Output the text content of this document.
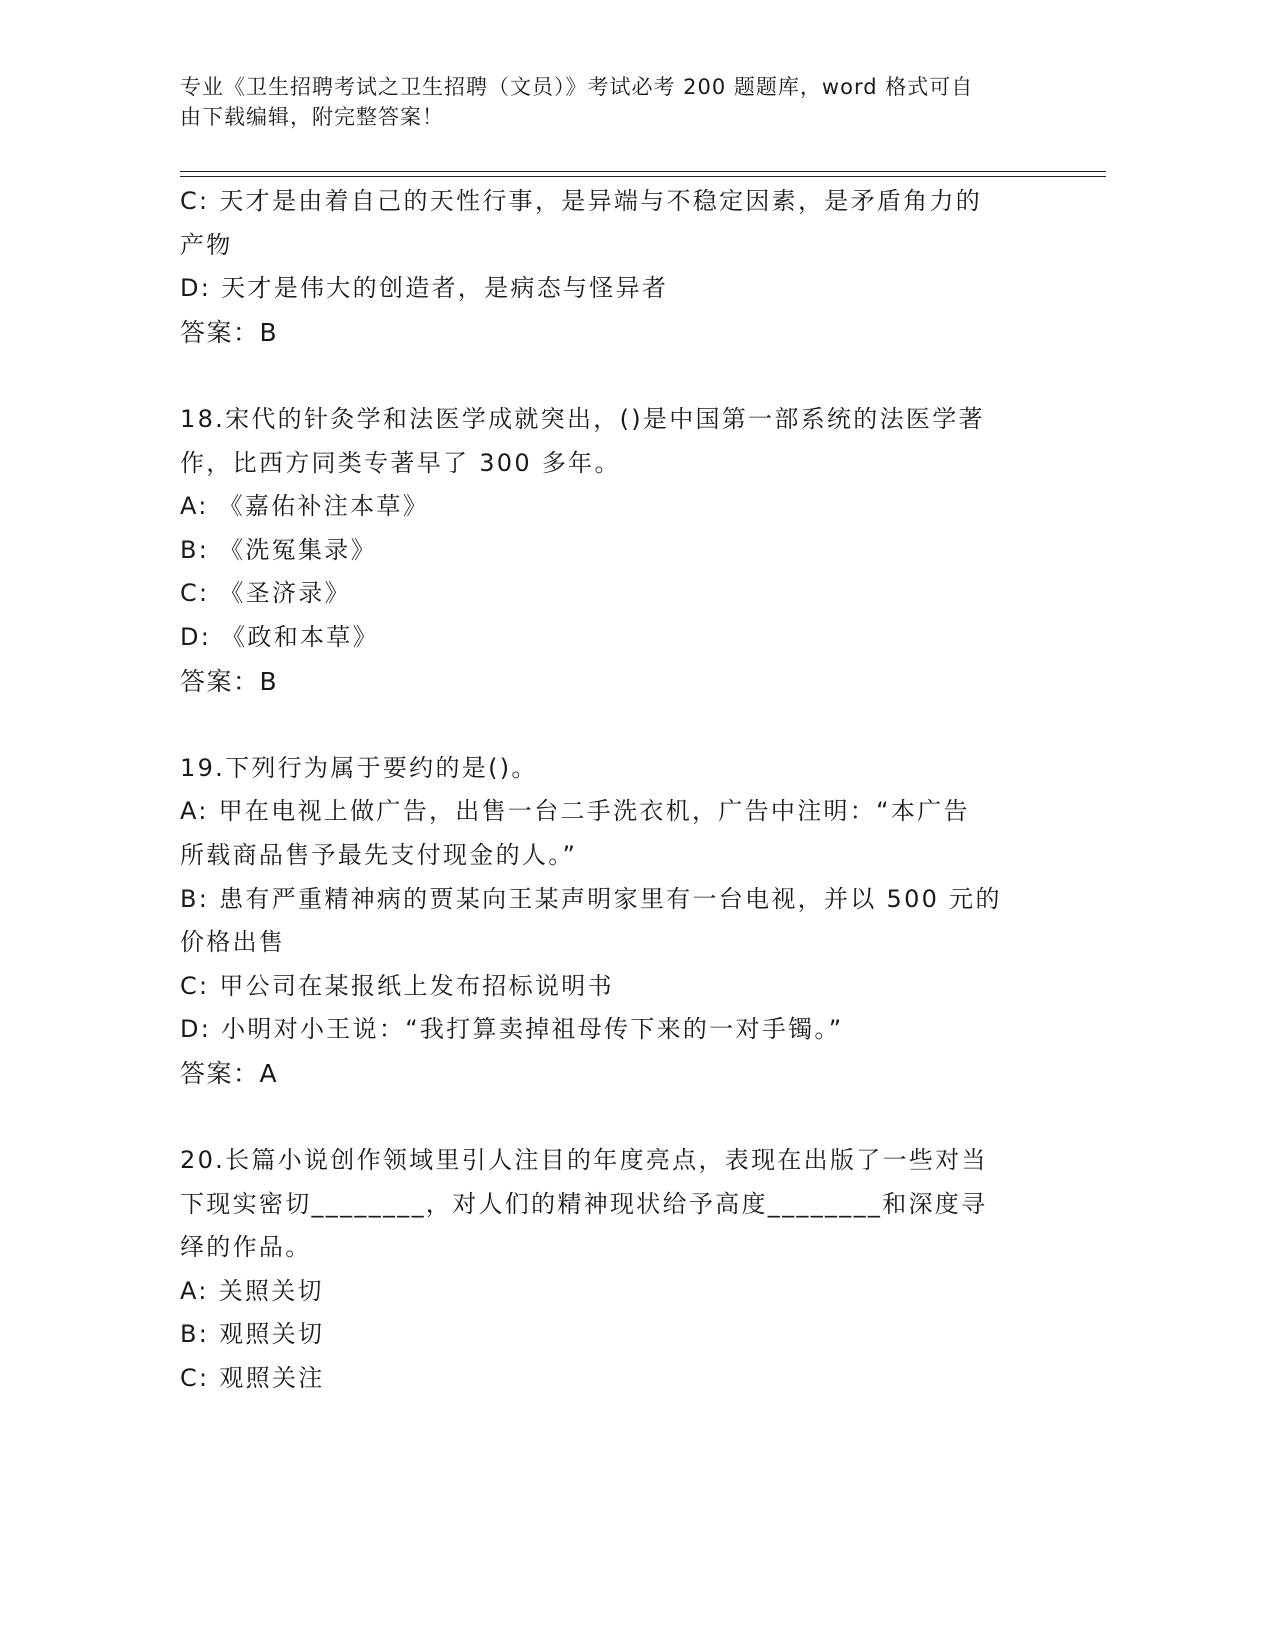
专业《卫生招聘考试之卫生招聘（文员）》考试必考 200 题题库，word 格式可自
由下载编辑，附完整答案！
C: 天才是由着自己的天性行事，是异端与不稳定因素，是矛盾角力的
产物
D: 天才是伟大的创造者，是病态与怪异者
答案：B
18.宋代的针灸学和法医学成就突出，()是中国第一部系统的法医学著
作，比西方同类专著早了 300 多年。
A: 《嘉佑补注本草》
B: 《洗冤集录》
C: 《圣济录》
D: 《政和本草》
答案：B
19.下列行为属于要约的是()。
A: 甲在电视上做广告，出售一台二手洗衣机，广告中注明：“本广告
所载商品售予最先支付现金的人。”
B: 患有严重精神病的贾某向王某声明家里有一台电视，并以 500 元的
价格出售
C: 甲公司在某报纸上发布招标说明书
D: 小明对小王说：“我打算卖掉祖母传下来的一对手镯。”
答案：A
20.长篇小说创作领域里引人注目的年度亮点，表现在出版了一些对当
下现实密切________，对人们的精神现状给予高度________和深度寻
绎的作品。
A: 关照关切
B: 观照关切
C: 观照关注
